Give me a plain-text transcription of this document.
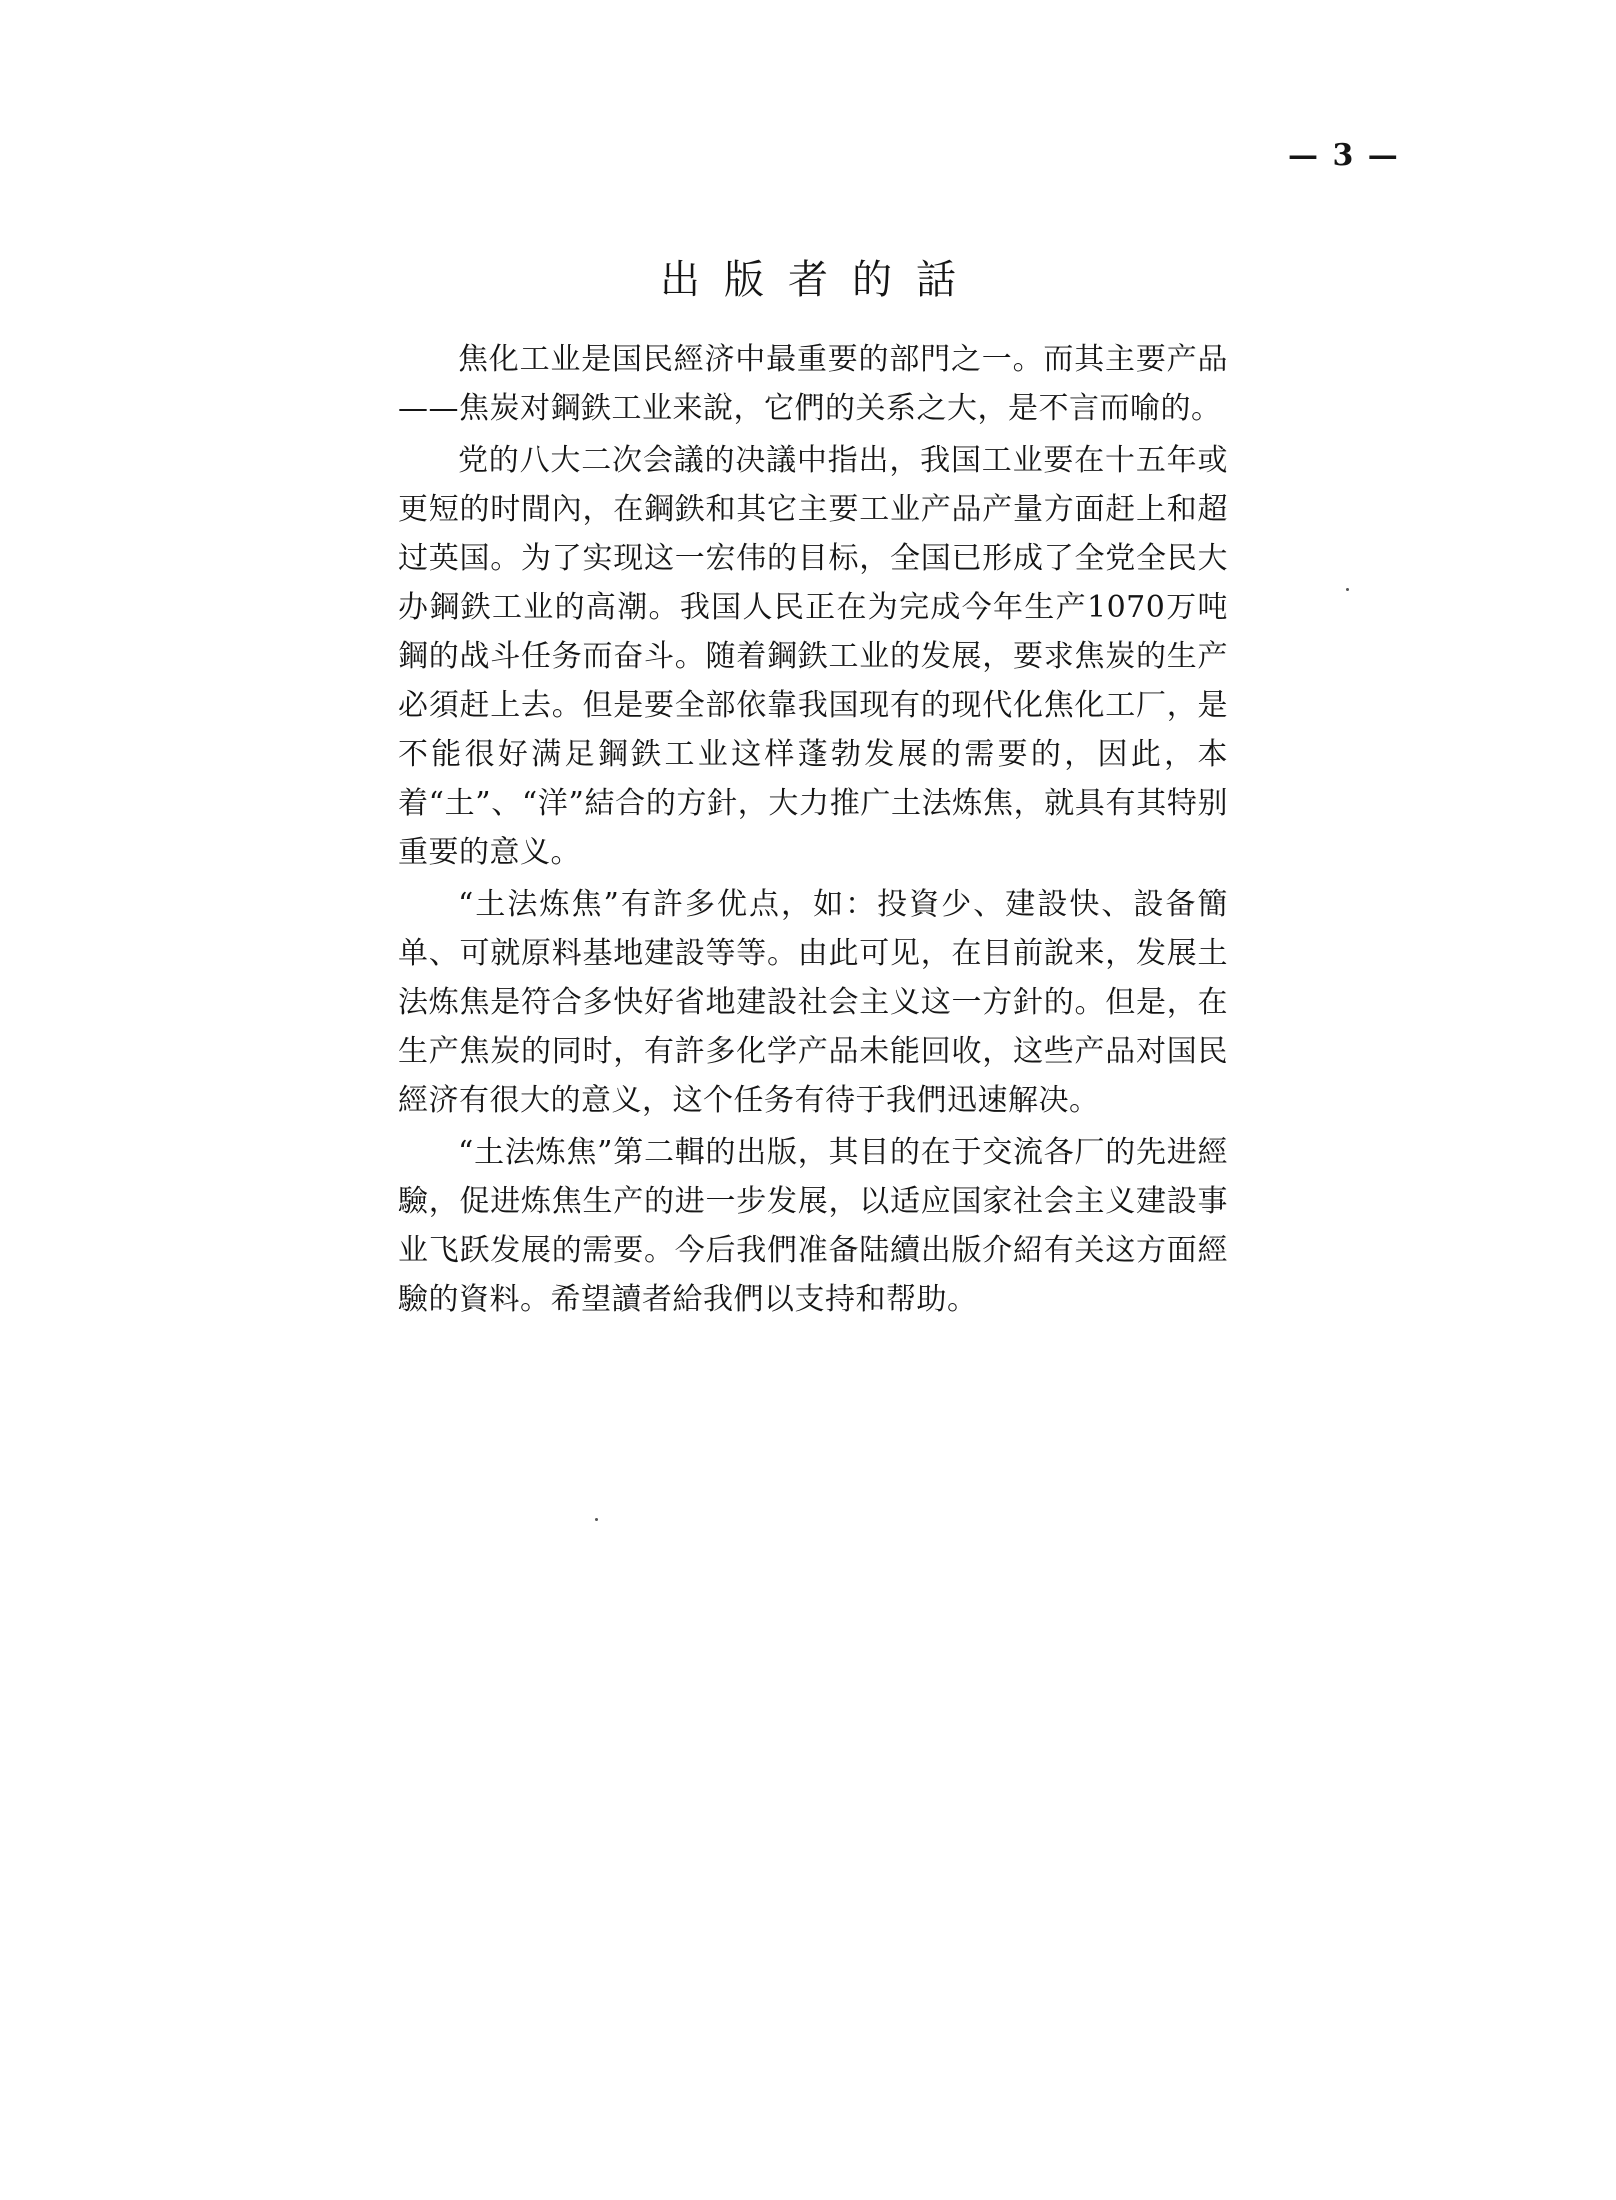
— 3 —
出版者的話

焦化工业是国民經济中最重要的部門之一。而其主要产品——焦炭对鋼鉄工业来說，它們的关系之大，是不言而喻的。

党的八大二次会議的决議中指出，我国工业要在十五年或更短的时間內，在鋼鉄和其它主要工业产品产量方面赶上和超过英国。为了实现这一宏伟的目标，全国已形成了全党全民大办鋼鉄工业的高潮。我国人民正在为完成今年生产1070万吨鋼的战斗任务而奋斗。随着鋼鉄工业的发展，要求焦炭的生产必須赶上去。但是要全部依靠我国现有的现代化焦化工厂，是不能很好满足鋼鉄工业这样蓬勃发展的需要的，因此，本着“土”、“洋”結合的方針，大力推广土法炼焦，就具有其特别重要的意义。

“土法炼焦”有許多优点，如：投資少、建設快、設备簡单、可就原料基地建設等等。由此可见，在目前說来，发展土法炼焦是符合多快好省地建設社会主义这一方針的。但是，在生产焦炭的同时，有許多化学产品未能回收，这些产品对国民經济有很大的意义，这个任务有待于我們迅速解决。

“土法炼焦”第二輯的出版，其目的在于交流各厂的先进經驗，促进炼焦生产的进一步发展，以适应国家社会主义建設事业飞跃发展的需要。今后我們准备陆續出版介紹有关这方面經驗的資料。希望讀者給我們以支持和帮助。
